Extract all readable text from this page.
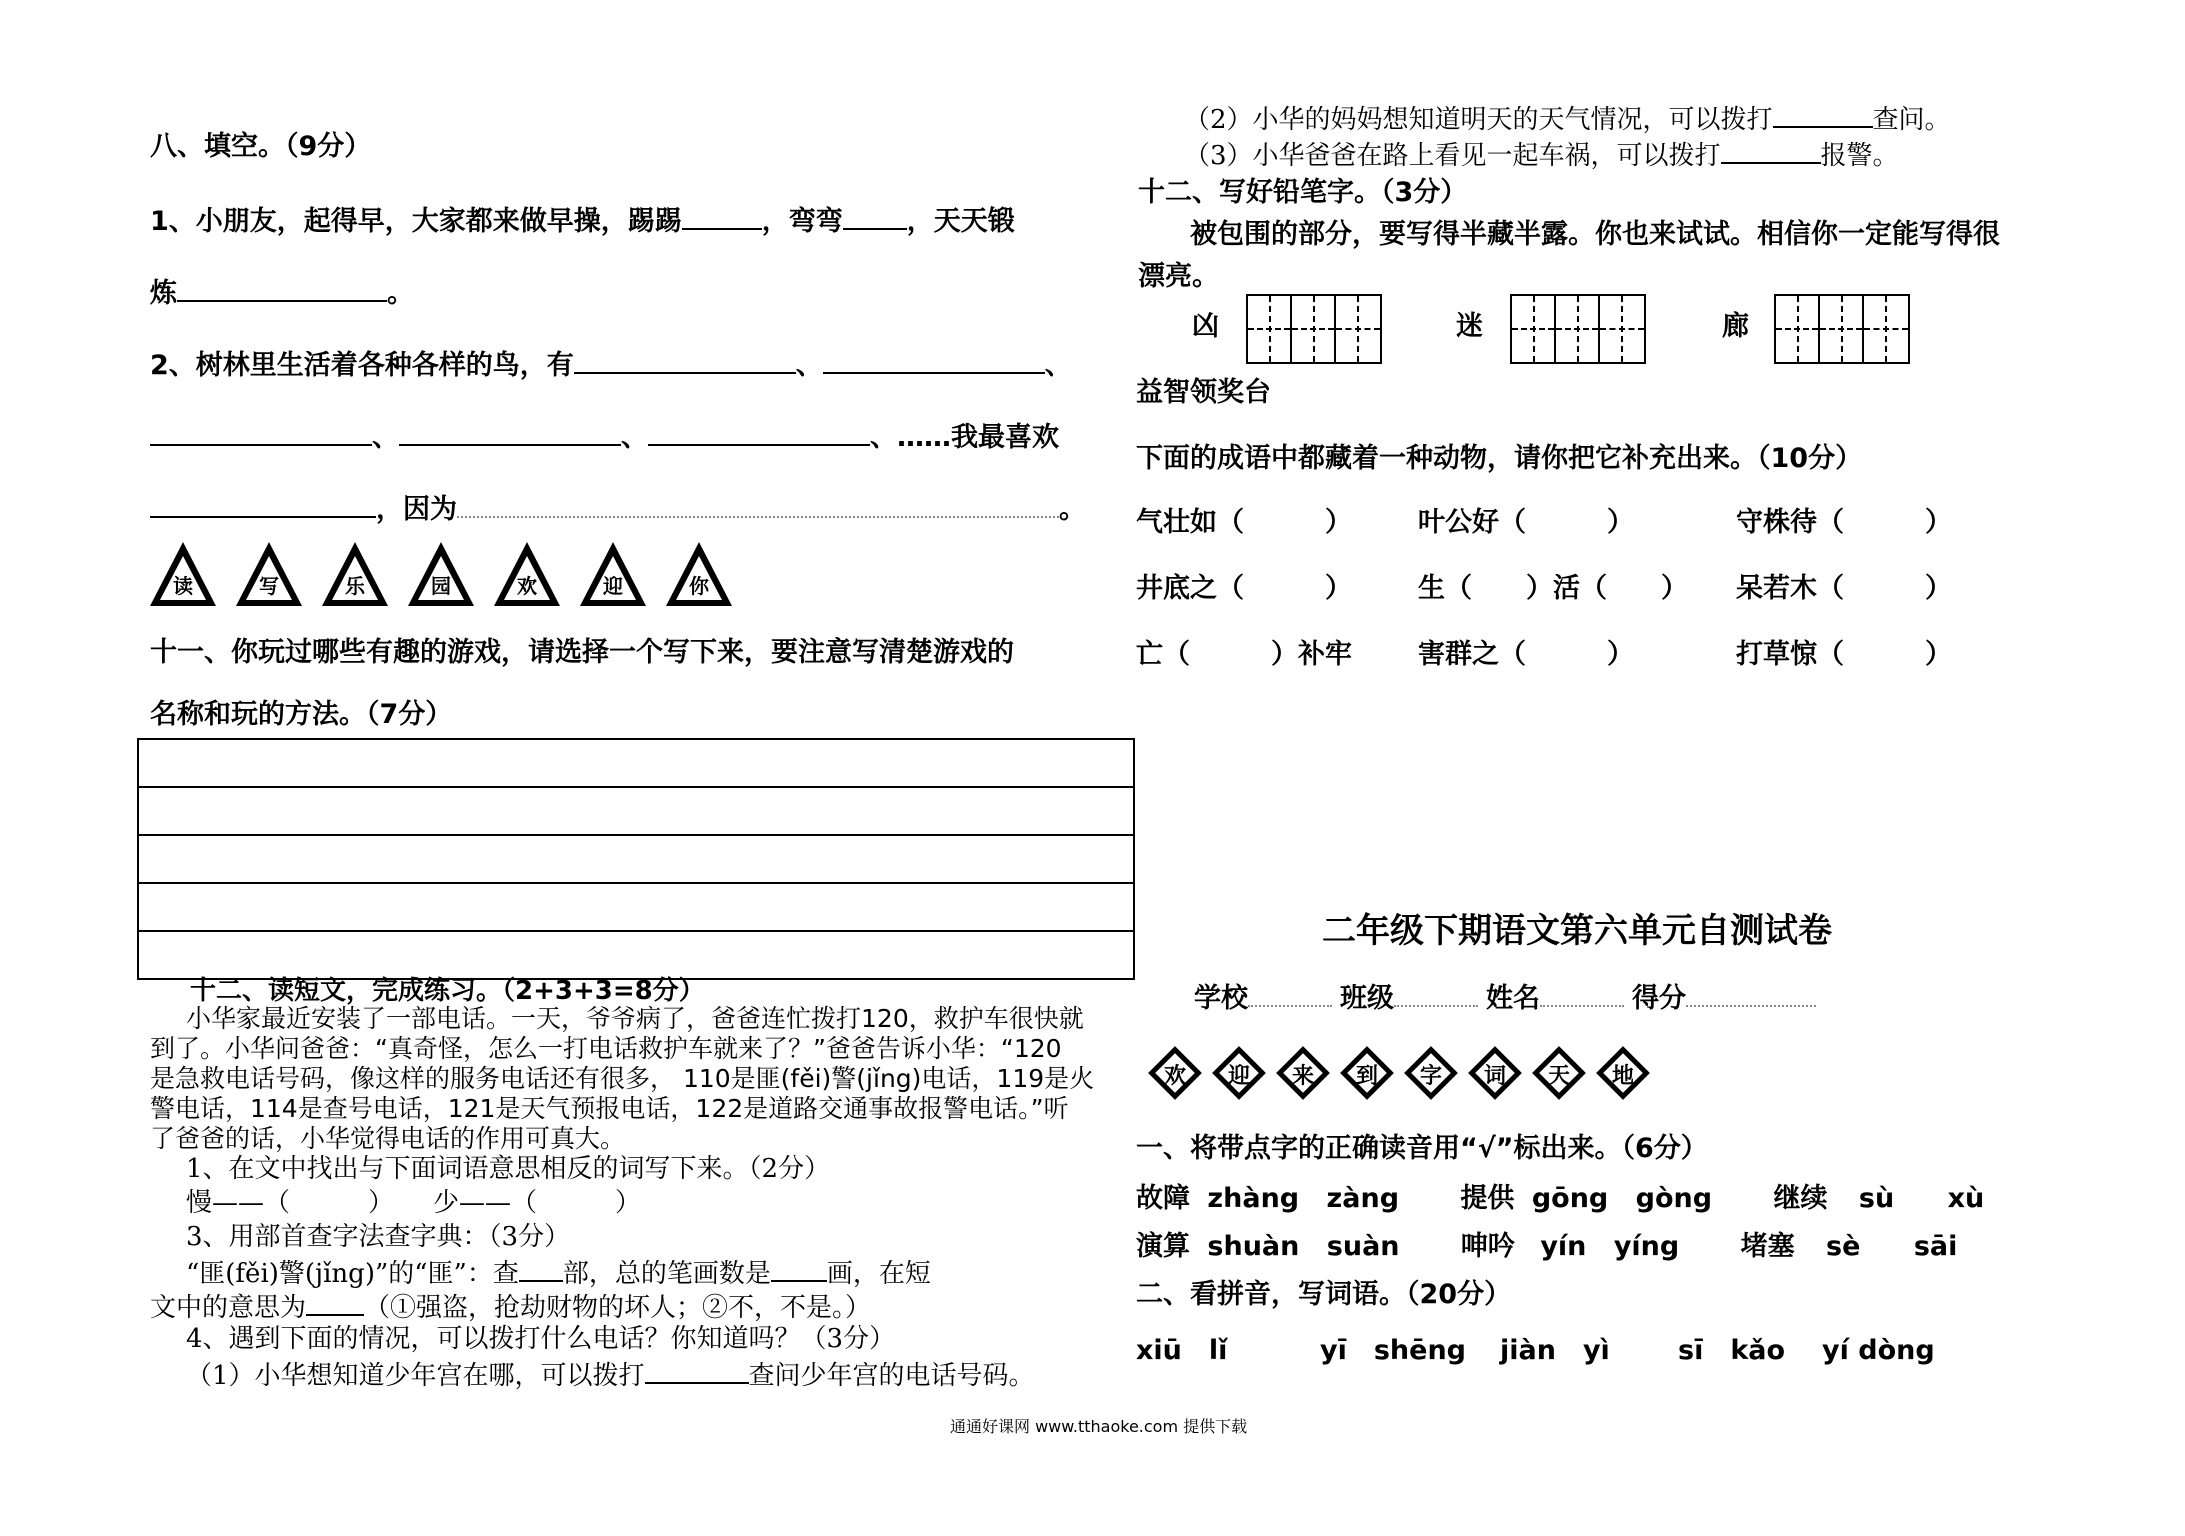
八、填空。（9分）
1、小朋友，起得早，大家都来做早操，踢踢	，弯弯 ，天天锻
炼	。
2、树林里生活着各种各样的鸟，有	、	、
、	、	、……我最喜欢
，因为	。
读	写	乐	园	欢	迎	你
十一、你玩过哪些有趣的游戏，请选择一个写下来，要注意写清楚游戏的
名称和玩的方法。（7分）
十二、读短文，完成练习。（2+3+3=8分）
小华家最近安装了一部电话。一天，爷爷病了，爸爸连忙拨打120，救护车很快就
到了。小华问爸爸：“真奇怪，怎么一打电话救护车就来了？”爸爸告诉小华：“120
是急救电话号码，像这样的服务电话还有很多， 110是匪(fěi)警(jǐng)电话，119是火
警电话，114是查号电话，121是天气预报电话，122是道路交通事故报警电话。”听
了爸爸的话，小华觉得电话的作用可真大。
1、在文中找出与下面词语意思相反的词写下来。（2分）
慢——（　　　）　　少——（　　　）
3、用部首查字法查字典：（3分）
“匪(fěi)警(jǐng)”的“匪”：查 部，总的笔画数是 画，在短
文中的意思为 （①强盗，抢劫财物的坏人；②不，不是。）
4、遇到下面的情况，可以拨打什么电话？你知道吗？（3分）
（1）小华想知道少年宫在哪，可以拨打	查问少年宫的电话号码。
（2）小华的妈妈想知道明天的天气情况，可以拨打	查问。
（3）小华爸爸在路上看见一起车祸，可以拨打	报警。
十二、写好铅笔字。（3分）
被包围的部分，要写得半藏半露。你也来试试。相信你一定能写得很
漂亮。
凶	迷	廊
益智领奖台
下面的成语中都藏着一种动物，请你把它补充出来。（10分）
气壮如（　　　） 叶公好（　　　）	守株待（　　　）
井底之（　　　） 生（　　）活（　　） 呆若木（　　　）
亡（　　　）补牢 害群之（　　　）	打草惊（　　　）
二年级下期语文第六单元自测试卷
学校	班级	姓名	得分
欢	迎	来	到	字	词	天	地
一、将带点字的正确读音用“√”标出来。（6分）
故障 zhàng zàng 提供 gōng gòng 继续 sù xù
演算 shuàn suàn 呻吟 yín yíng 堵塞 sè sāi
二、看拼音，写词语。（20分）
xiū　lǐ	yī　shēng jiàn　yì	sī　kǎo yí dòng
通通好课网 www.tthaoke.com 提供下载
